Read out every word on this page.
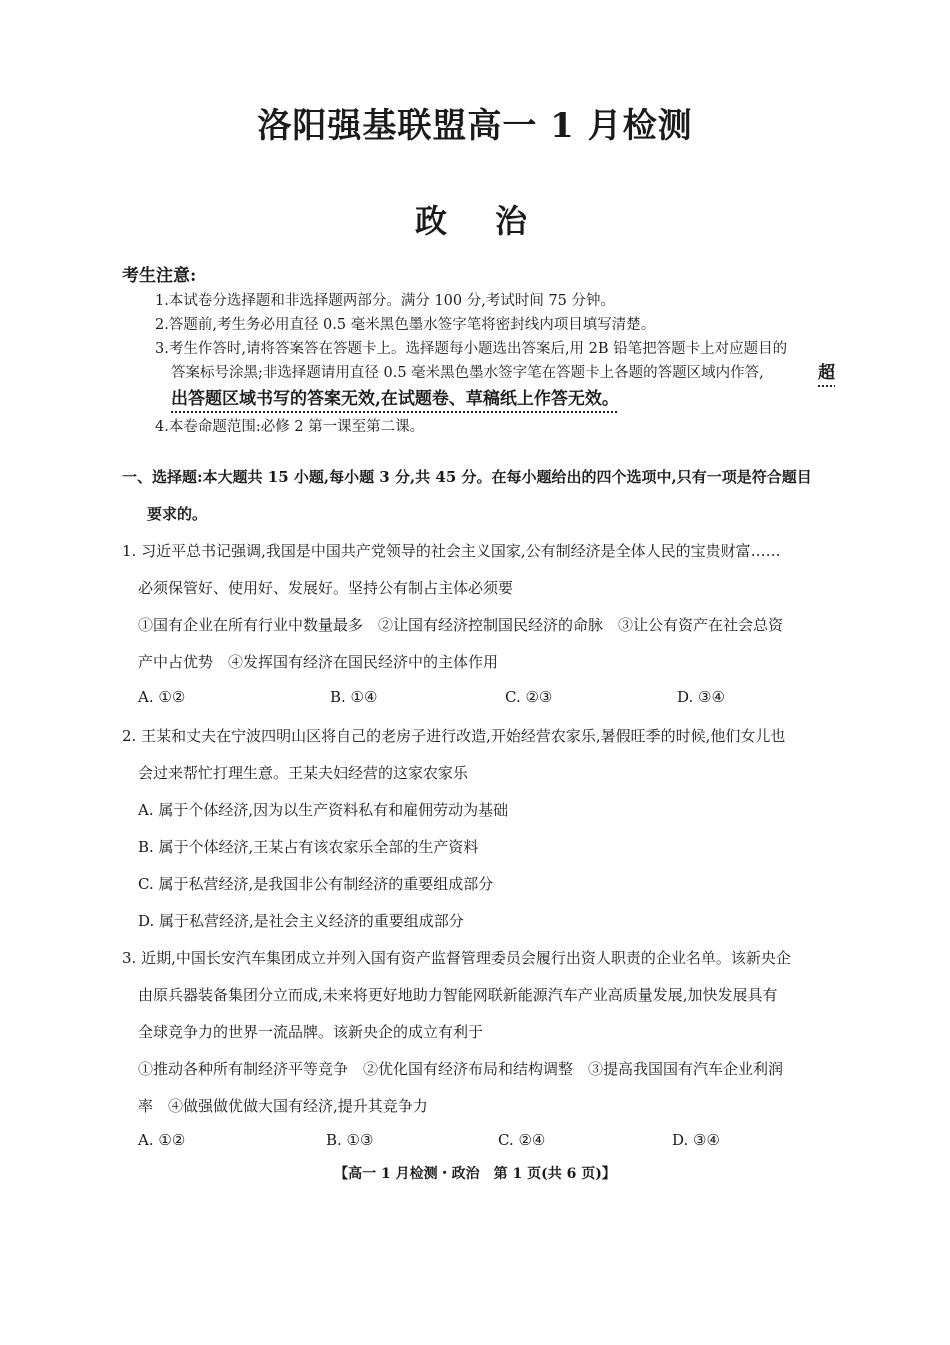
洛阳强基联盟高一 1 月检测
政治
考生注意:
1.本试卷分选择题和非选择题两部分。满分 100 分,考试时间 75 分钟。
2.答题前,考生务必用直径 0.5 毫米黑色墨水签字笔将密封线内项目填写清楚。
3.考生作答时,请将答案答在答题卡上。选择题每小题选出答案后,用 2B 铅笔把答题卡上对应题目的
答案标号涂黑;非选择题请用直径 0.5 毫米黑色墨水签字笔在答题卡上各题的答题区域内作答,	超
出答题区域书写的答案无效,在试题卷、草稿纸上作答无效。
4.本卷命题范围:必修 2 第一课至第二课。
一、选择题:本大题共 15 小题,每小题 3 分,共 45 分。在每小题给出的四个选项中,只有一项是符合题目
要求的。
1. 习近平总书记强调,我国是中国共产党领导的社会主义国家,公有制经济是全体人民的宝贵财富……
必须保管好、使用好、发展好。坚持公有制占主体必须要
①国有企业在所有行业中数量最多　②让国有经济控制国民经济的命脉　③让公有资产在社会总资
产中占优势　④发挥国有经济在国民经济中的主体作用
A. ①②	B. ①④	C. ②③	D. ③④
2. 王某和丈夫在宁波四明山区将自己的老房子进行改造,开始经营农家乐,暑假旺季的时候,他们女儿也
会过来帮忙打理生意。王某夫妇经营的这家农家乐
A. 属于个体经济,因为以生产资料私有和雇佣劳动为基础
B. 属于个体经济,王某占有该农家乐全部的生产资料
C. 属于私营经济,是我国非公有制经济的重要组成部分
D. 属于私营经济,是社会主义经济的重要组成部分
3. 近期,中国长安汽车集团成立并列入国有资产监督管理委员会履行出资人职责的企业名单。该新央企
由原兵器装备集团分立而成,未来将更好地助力智能网联新能源汽车产业高质量发展,加快发展具有
全球竞争力的世界一流品牌。该新央企的成立有利于
①推动各种所有制经济平等竞争　②优化国有经济布局和结构调整　③提高我国国有汽车企业利润
率　④做强做优做大国有经济,提升其竞争力
A. ①②	B. ①③	C. ②④	D. ③④
【高一 1 月检测・政治　第 1 页(共 6 页)】
